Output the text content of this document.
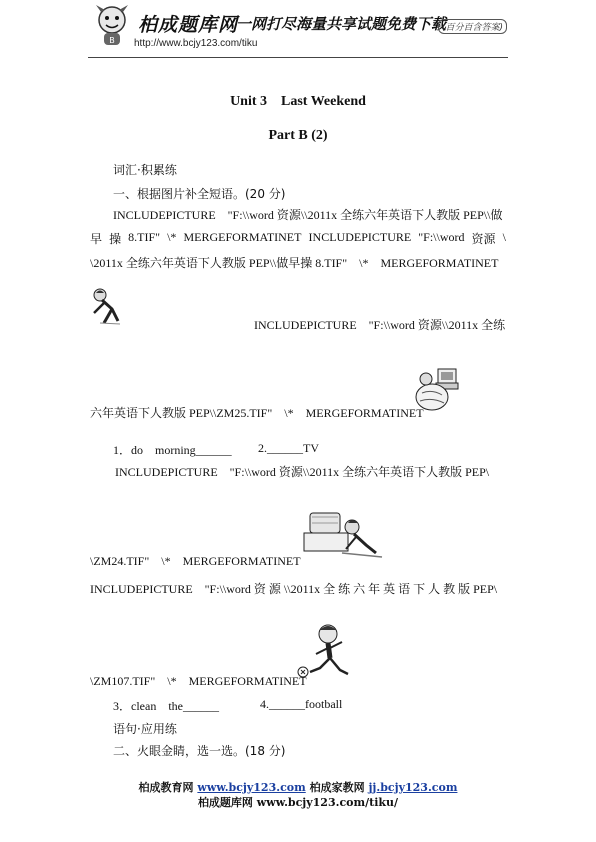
B
柏成题库网
一网打尽海量共享试题免费下载
(百分百含答案)
http://www.bcjy123.com/tiku
Unit 3　Last Weekend
Part B (2)
词汇·积累练
一、根据图片补全短语。(20 分)
INCLUDEPICTURE　"F:\\word 资源\\2011x 全练六年英语下人教版 PEP\\做
早 操 8.TIF" \* MERGEFORMATINET INCLUDEPICTURE "F:\\word 资源 \
\2011x 全练六年英语下人教版 PEP\\做早操 8.TIF"　\*　MERGEFORMATINET
INCLUDEPICTURE　"F:\\word 资源\\2011x 全练
六年英语下人教版 PEP\\ZM25.TIF"　\*　MERGEFORMATINET
1．do　morning______ 2.______TV
INCLUDEPICTURE　"F:\\word 资源\\2011x 全练六年英语下人教版 PEP\
\ZM24.TIF"　\*　MERGEFORMATINET
INCLUDEPICTURE　"F:\\word 资 源 \\2011x 全 练 六 年 英 语 下 人 教 版 PEP\
\ZM107.TIF"　\*　MERGEFORMATINET
3．clean　the______	4.______football
语句·应用练
二、火眼金睛，选一选。(18 分)
柏成教育网 www.bcjy123.com 柏成家教网 jj.bcjy123.com
柏成题库网 www.bcjy123.com/tiku/
